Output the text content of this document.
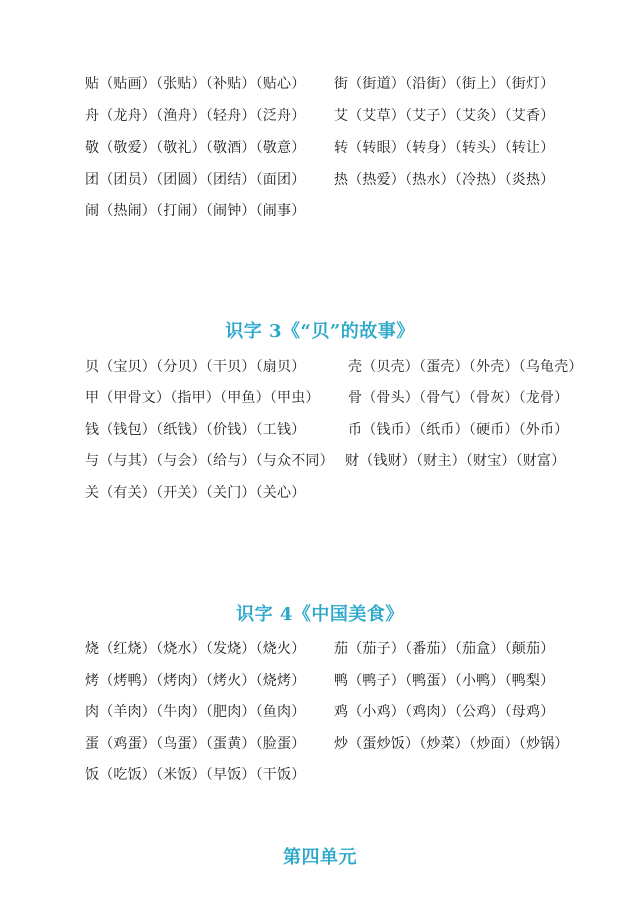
贴（贴画）（张贴）（补贴）（贴心）
舟（龙舟）（渔舟）（轻舟）（泛舟）
敬（敬爱）（敬礼）（敬酒）（敬意）
团（团员）（团圆）（团结）（面团）
闹（热闹）（打闹）（闹钟）（闹事）
街（街道）（沿街）（街上）（街灯）
艾（艾草）（艾子）（艾灸）（艾香）
转（转眼）（转身）（转头）（转让）
热（热爱）（热水）（冷热）（炎热）
识字 3《“贝”的故事》
贝（宝贝）（分贝）（干贝）（扇贝）
甲（甲骨文）（指甲）（甲鱼）（甲虫）
钱（钱包）（纸钱）（价钱）（工钱）
与（与其）（与会）（给与）（与众不同）
关（有关）（开关）（关门）（关心）
壳（贝壳）（蛋壳）（外壳）（乌龟壳）
骨（骨头）（骨气）（骨灰）（龙骨）
币（钱币）（纸币）（硬币）（外币）
财（钱财）（财主）（财宝）（财富）
识字 4《中国美食》
烧（红烧）（烧水）（发烧）（烧火）
烤（烤鸭）（烤肉）（烤火）（烧烤）
肉（羊肉）（牛肉）（肥肉）（鱼肉）
蛋（鸡蛋）（鸟蛋）（蛋黄）（脸蛋）
饭（吃饭）（米饭）（早饭）（干饭）
茄（茄子）（番茄）（茄盒）（颠茄）
鸭（鸭子）（鸭蛋）（小鸭）（鸭梨）
鸡（小鸡）（鸡肉）（公鸡）（母鸡）
炒（蛋炒饭）（炒菜）（炒面）（炒锅）
第四单元
